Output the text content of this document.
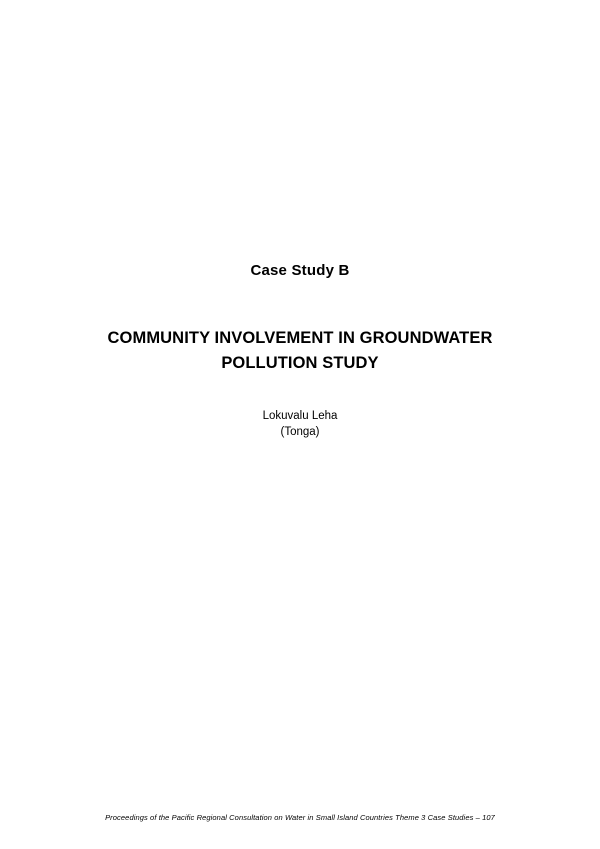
Case Study B
COMMUNITY INVOLVEMENT IN GROUNDWATER POLLUTION STUDY
Lokuvalu Leha
(Tonga)
Proceedings of the Pacific Regional Consultation on Water in Small Island Countries Theme 3 Case Studies – 107
